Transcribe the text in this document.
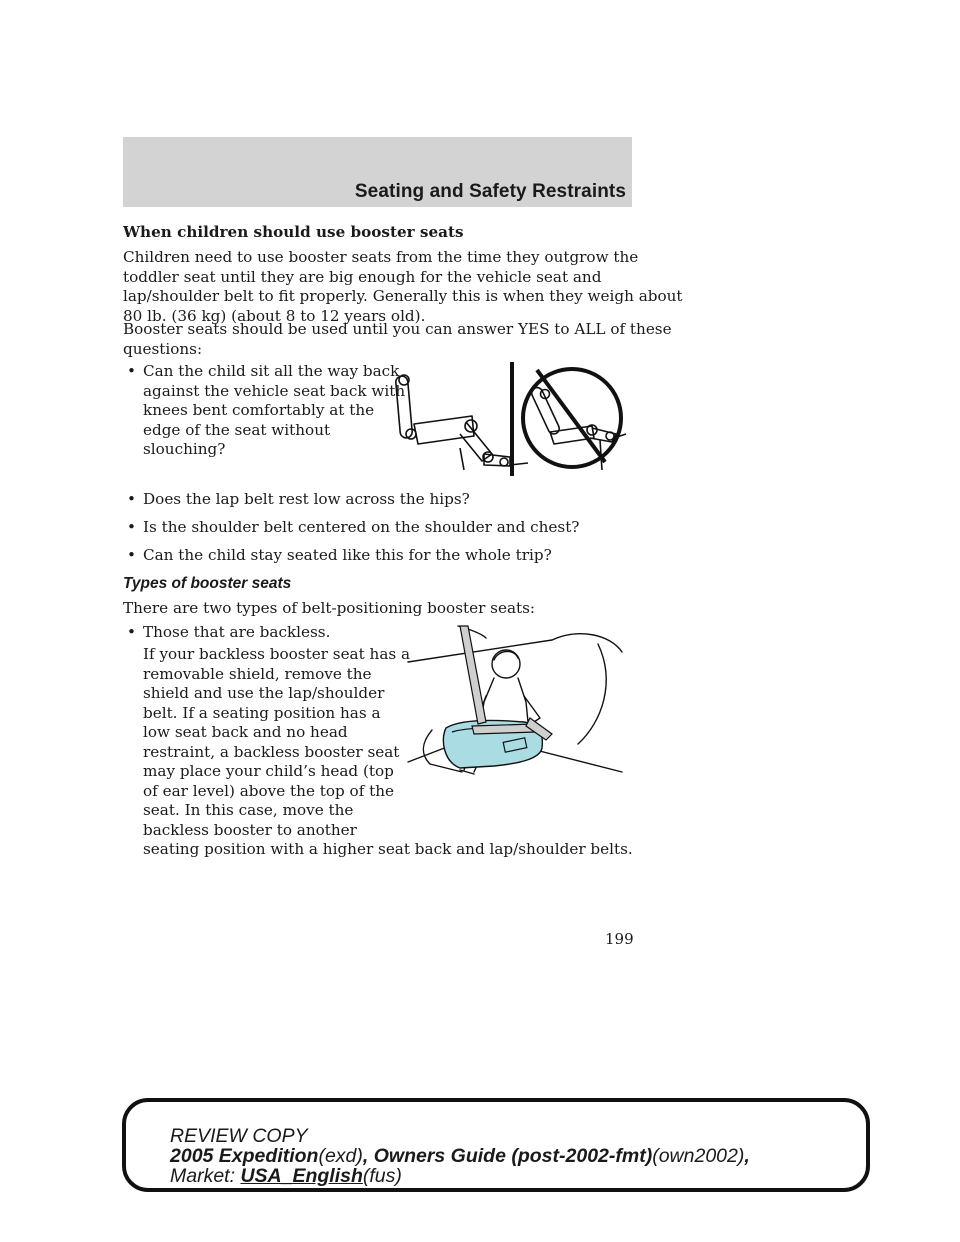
Seating and Safety Restraints
When children should use booster seats
Children need to use booster seats from the time they outgrow the
toddler seat until they are big enough for the vehicle seat and
lap/shoulder belt to fit properly. Generally this is when they weigh about
80 lb. (36 kg) (about 8 to 12 years old).
Booster seats should be used until you can answer YES to ALL of these
questions:
• Can the child sit all the way back
against the vehicle seat back with
knees bent comfortably at the
edge of the seat without
slouching?
• Does the lap belt rest low across the hips?
• Is the shoulder belt centered on the shoulder and chest?
• Can the child stay seated like this for the whole trip?
Types of booster seats
There are two types of belt-positioning booster seats:
• Those that are backless.
If your backless booster seat has a
removable shield, remove the
shield and use the lap/shoulder
belt. If a seating position has a
low seat back and no head
restraint, a backless booster seat
may place your child’s head (top
of ear level) above the top of the
seat. In this case, move the
backless booster to another
seating position with a higher seat back and lap/shoulder belts.
199
REVIEW COPY
2005 Expedition(exd), Owners Guide (post-2002-fmt)(own2002),
Market: USA_English(fus)
